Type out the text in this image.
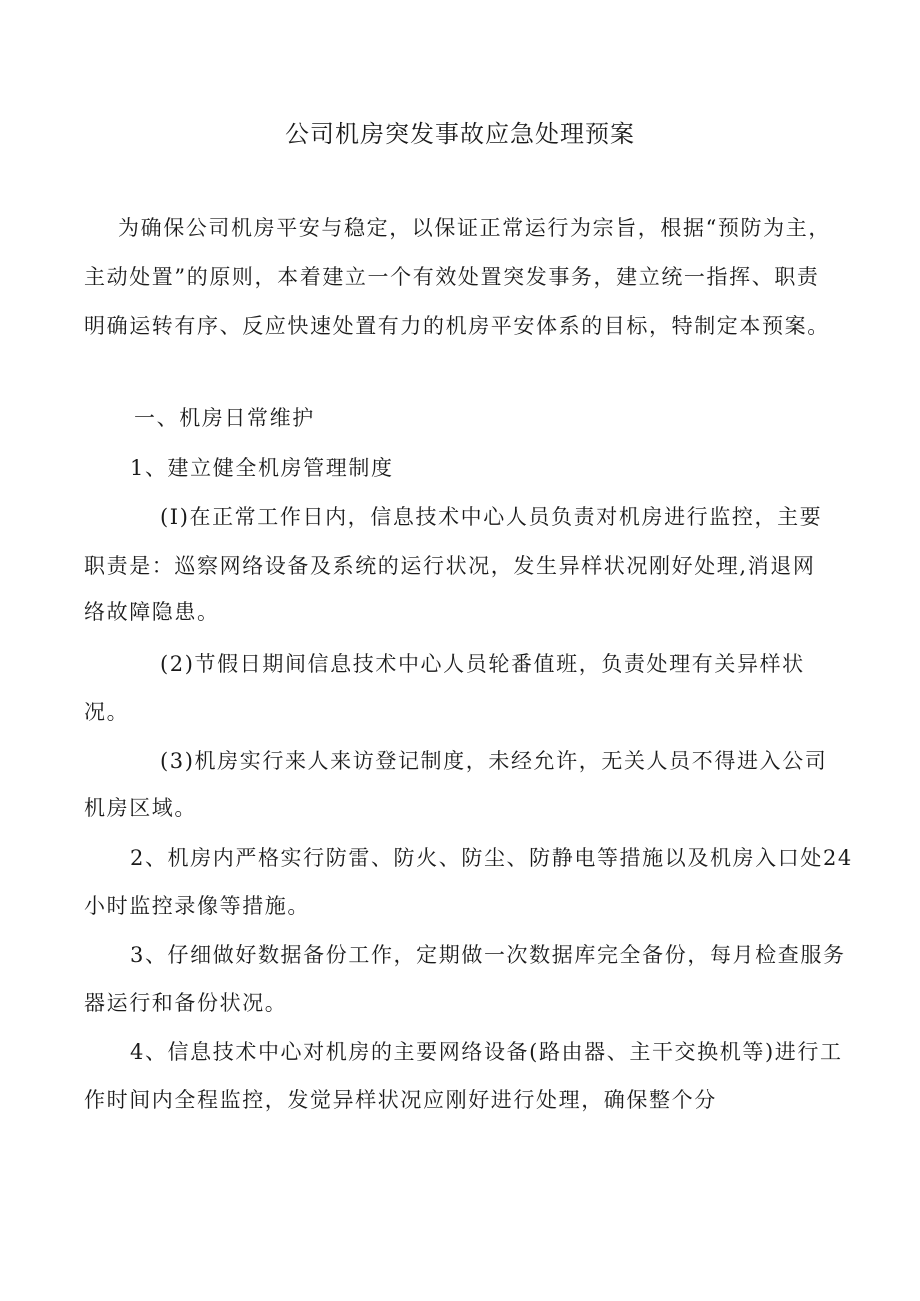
公司机房突发事故应急处理预案
为确保公司机房平安与稳定，以保证正常运行为宗旨，根据“预防为主，
主动处置”的原则，本着建立一个有效处置突发事务，建立统一指挥、职责
明确运转有序、反应快速处置有力的机房平安体系的目标，特制定本预案。
一、机房日常维护
1、建立健全机房管理制度
(I)在正常工作日内，信息技术中心人员负责对机房进行监控，主要
职责是：巡察网络设备及系统的运行状况，发生异样状况刚好处理,消退网
络故障隐患。
(2)节假日期间信息技术中心人员轮番值班，负责处理有关异样状
况。
(3)机房实行来人来访登记制度，未经允许，无关人员不得进入公司
机房区域。
2、机房内严格实行防雷、防火、防尘、防静电等措施以及机房入口处24
小时监控录像等措施。
3、仔细做好数据备份工作，定期做一次数据库完全备份，每月检查服务
器运行和备份状况。
4、信息技术中心对机房的主要网络设备(路由器、主干交换机等)进行工
作时间内全程监控，发觉异样状况应刚好进行处理，确保整个分
